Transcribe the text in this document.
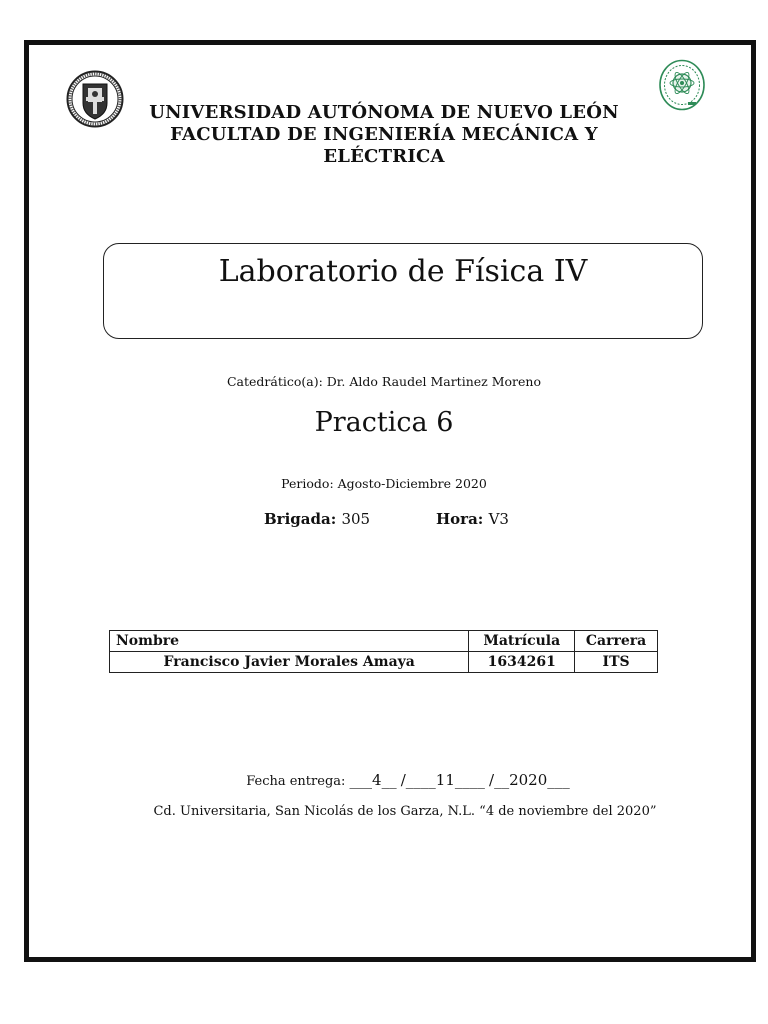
UNIVERSIDAD AUTÓNOMA DE NUEVO LEÓN
FACULTAD DE INGENIERÍA MECÁNICA Y
ELÉCTRICA
Laboratorio de Física IV
Catedrático(a): Dr. Aldo Raudel Martinez Moreno
Practica 6
Periodo: Agosto-Diciembre 2020
Brigada: 305	Hora: V3
Nombre	Matrícula	Carrera
Francisco Javier Morales Amaya	1634261	ITS
Fecha entrega: ___4__ /____11____ /__2020___
Cd. Universitaria, San Nicolás de los Garza, N.L. “4 de noviembre del 2020”
